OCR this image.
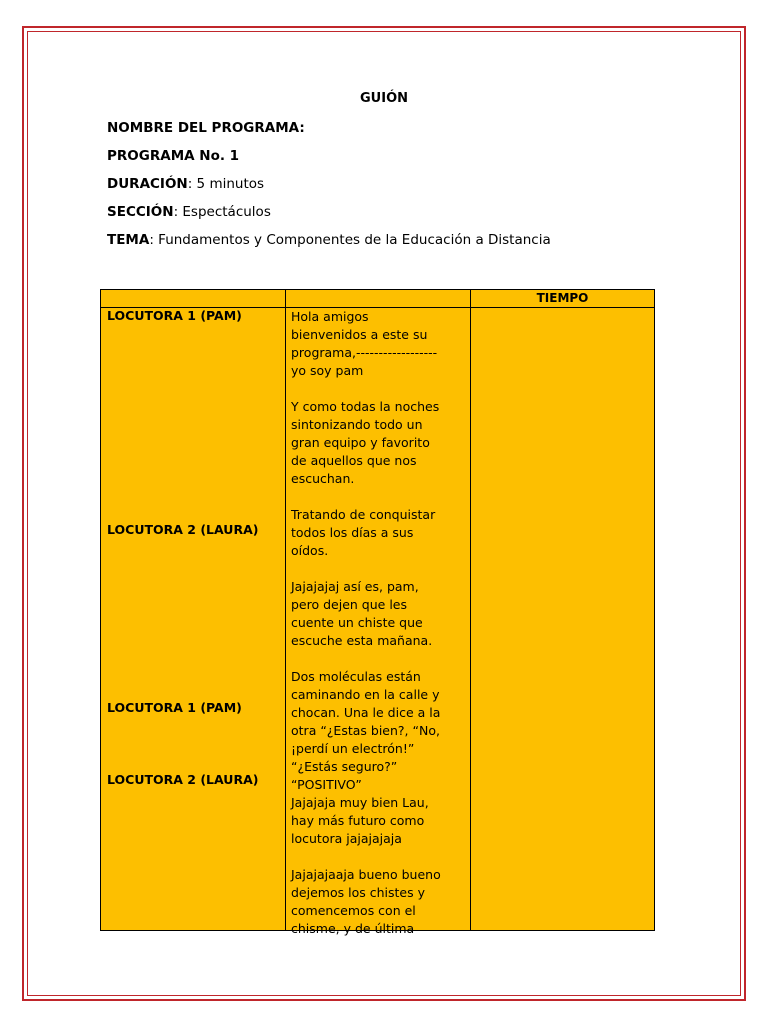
GUIÓN
NOMBRE DEL PROGRAMA:
PROGRAMA No. 1
DURACIÓN: 5 minutos
SECCIÓN: Espectáculos
TEMA: Fundamentos y Componentes de la Educación a Distancia
TIEMPO
LOCUTORA 1 (PAM)
LOCUTORA 2 (LAURA)
LOCUTORA 1 (PAM)
LOCUTORA 2 (LAURA)
Hola amigos
bienvenidos a este su
programa,------------------
yo soy pam
Y como todas la noches
sintonizando todo un
gran equipo y favorito
de aquellos que nos
escuchan.
Tratando de conquistar
todos los días a sus
oídos.
Jajajajaj así es, pam,
pero dejen que les
cuente un chiste que
escuche esta mañana.
Dos moléculas están
caminando en la calle y
chocan. Una le dice a la
otra “¿Estas bien?, “No,
¡perdí un electrón!”
“¿Estás seguro?”
“POSITIVO”
Jajajaja muy bien Lau,
hay más futuro como
locutora jajajajaja
Jajajajaaja bueno bueno
dejemos los chistes y
comencemos con el
chisme, y de última
